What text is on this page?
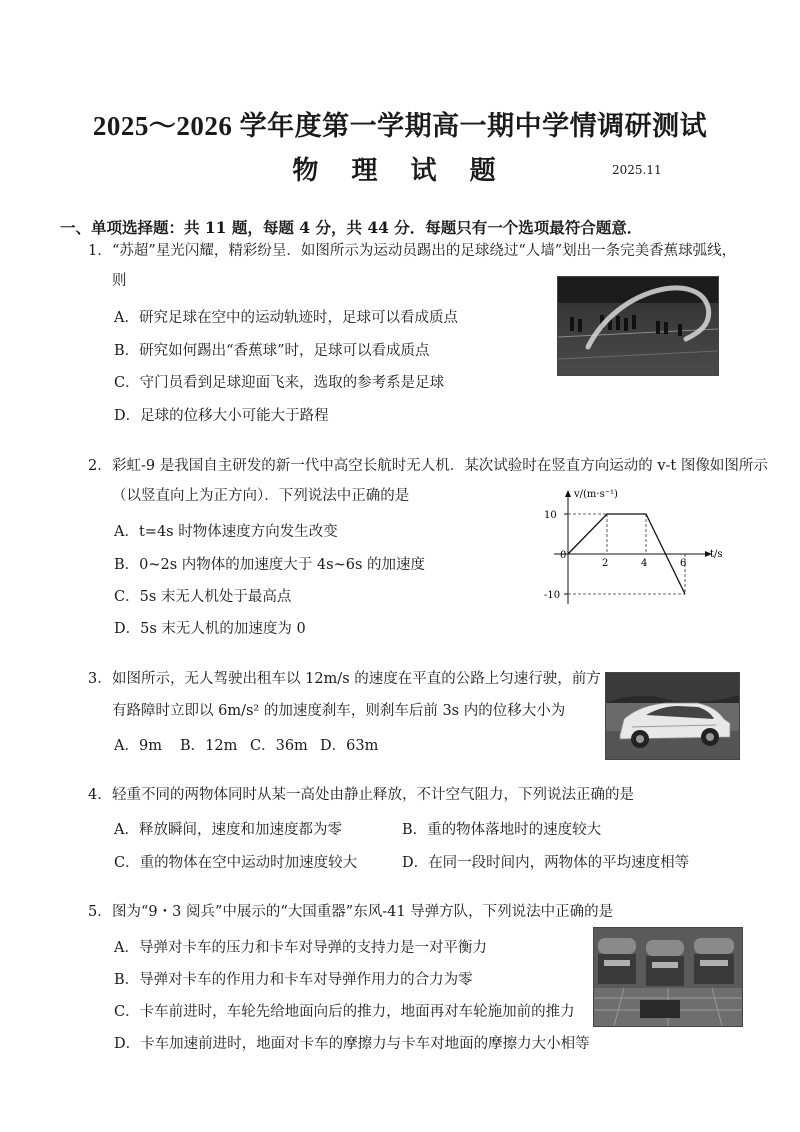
2025～2026 学年度第一学期高一期中学情调研测试
物 理 试 题	2025.11
一、单项选择题：共 11 题，每题 4 分，共 44 分．每题只有一个选项最符合题意．
1． “苏超”星光闪耀，精彩纷呈．如图所示为运动员踢出的足球绕过“人墙”划出一条完美香蕉球弧线，
则
A．研究足球在空中的运动轨迹时，足球可以看成质点
B．研究如何踢出“香蕉球”时，足球可以看成质点
C．守门员看到足球迎面飞来，选取的参考系是足球
D．足球的位移大小可能大于路程
2． 彩虹-9 是我国自主研发的新一代中高空长航时无人机．某次试验时在竖直方向运动的 v-t 图像如图所示
（以竖直向上为正方向）．下列说法中正确的是
A．t=4s 时物体速度方向发生改变
B．0~2s 内物体的加速度大于 4s~6s 的加速度
C．5s 末无人机处于最高点
D．5s 末无人机的加速度为 0
v/(m·s⁻¹)
t/s
10
-10
0
2	4	6
3． 如图所示，无人驾驶出租车以 12m/s 的速度在平直的公路上匀速行驶，前方
有路障时立即以 6m/s² 的加速度刹车，则刹车后前 3s 内的位移大小为
A．9m B．12m C．36m D．63m
4． 轻重不同的两物体同时从某一高处由静止释放，不计空气阻力，下列说法正确的是
A．释放瞬间，速度和加速度都为零	B．重的物体落地时的速度较大
C．重的物体在空中运动时加速度较大	D．在同一段时间内，两物体的平均速度相等
5． 图为“9・3 阅兵”中展示的“大国重器”东风-41 导弹方队，下列说法中正确的是
A．导弹对卡车的压力和卡车对导弹的支持力是一对平衡力
B．导弹对卡车的作用力和卡车对导弹作用力的合力为零
C．卡车前进时，车轮先给地面向后的推力，地面再对车轮施加前的推力
D．卡车加速前进时，地面对卡车的摩擦力与卡车对地面的摩擦力大小相等
